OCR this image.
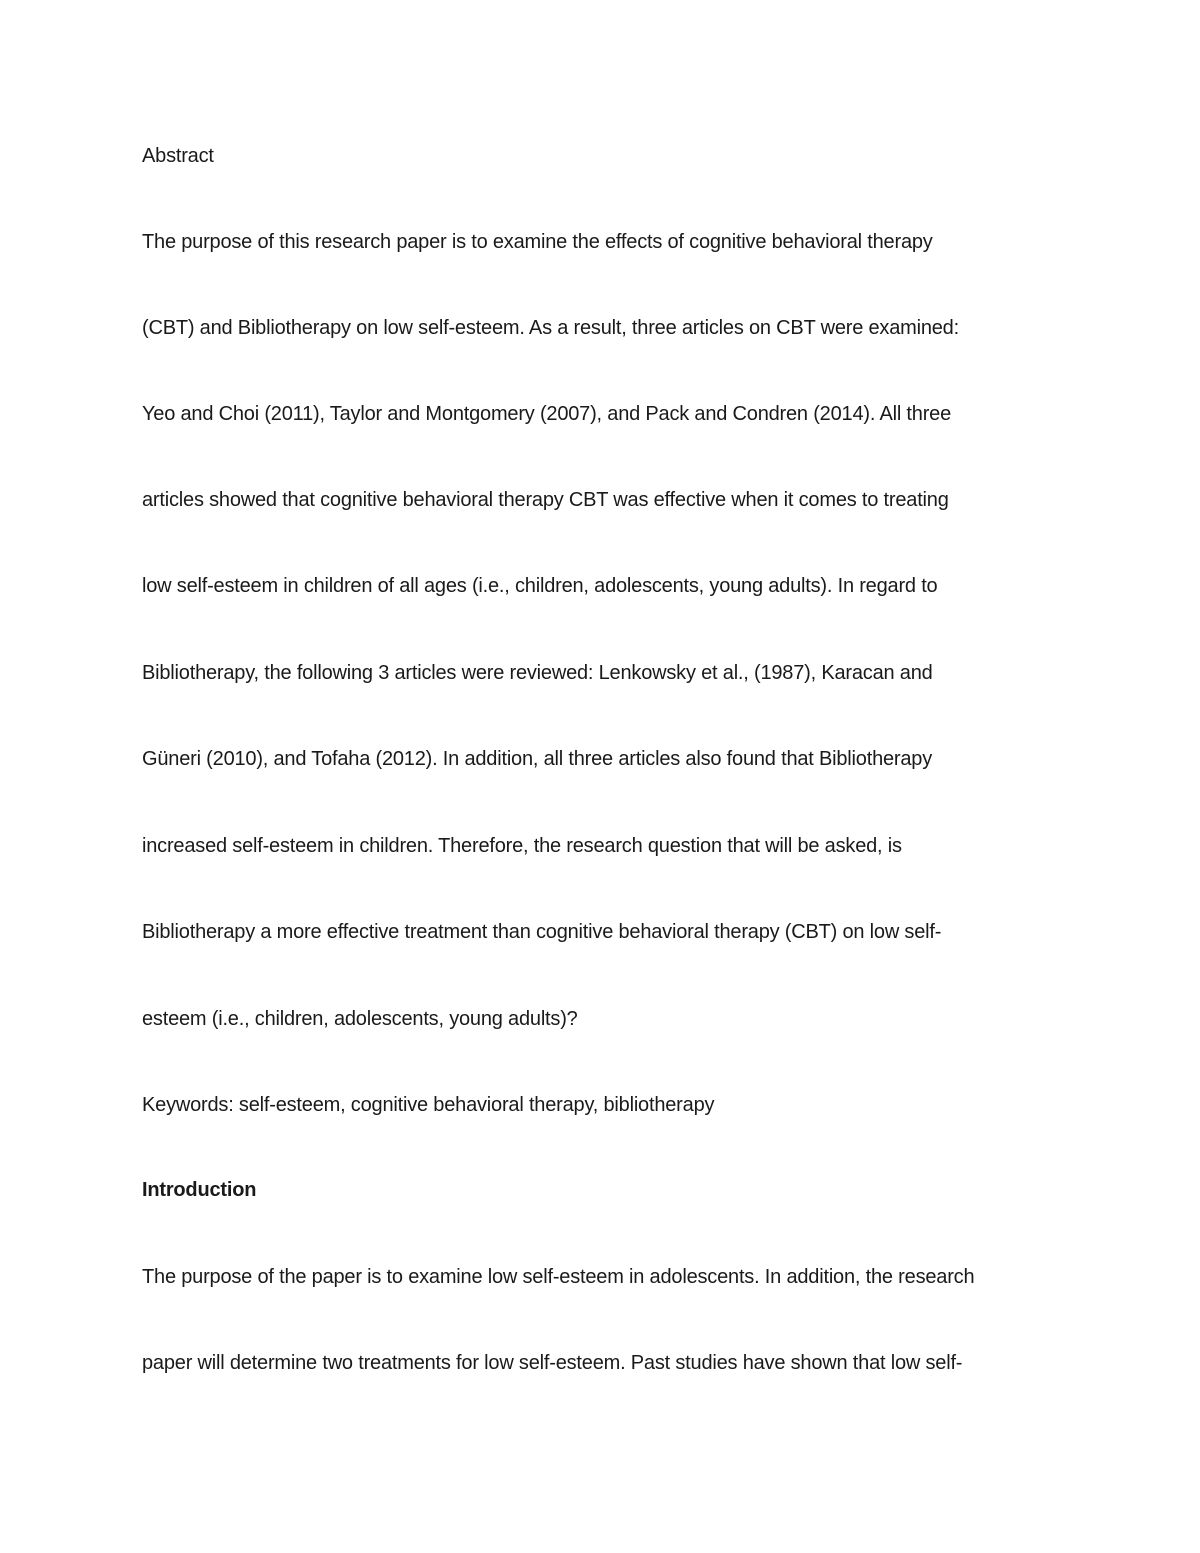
Abstract
The purpose of this research paper is to examine the effects of cognitive behavioral therapy
(CBT) and Bibliotherapy on low self-esteem. As a result, three articles on CBT were examined:
Yeo and Choi (2011), Taylor and Montgomery (2007), and Pack and Condren (2014). All three
articles showed that cognitive behavioral therapy CBT was effective when it comes to treating
low self-esteem in children of all ages (i.e., children, adolescents, young adults). In regard to
Bibliotherapy, the following 3 articles were reviewed: Lenkowsky et al., (1987), Karacan and
Güneri (2010), and Tofaha (2012). In addition, all three articles also found that Bibliotherapy
increased self-esteem in children. Therefore, the research question that will be asked, is
Bibliotherapy a more effective treatment than cognitive behavioral therapy (CBT) on low self-
esteem (i.e., children, adolescents, young adults)?
Keywords: self-esteem, cognitive behavioral therapy, bibliotherapy
Introduction
The purpose of the paper is to examine low self-esteem in adolescents. In addition, the research
paper will determine two treatments for low self-esteem. Past studies have shown that low self-
